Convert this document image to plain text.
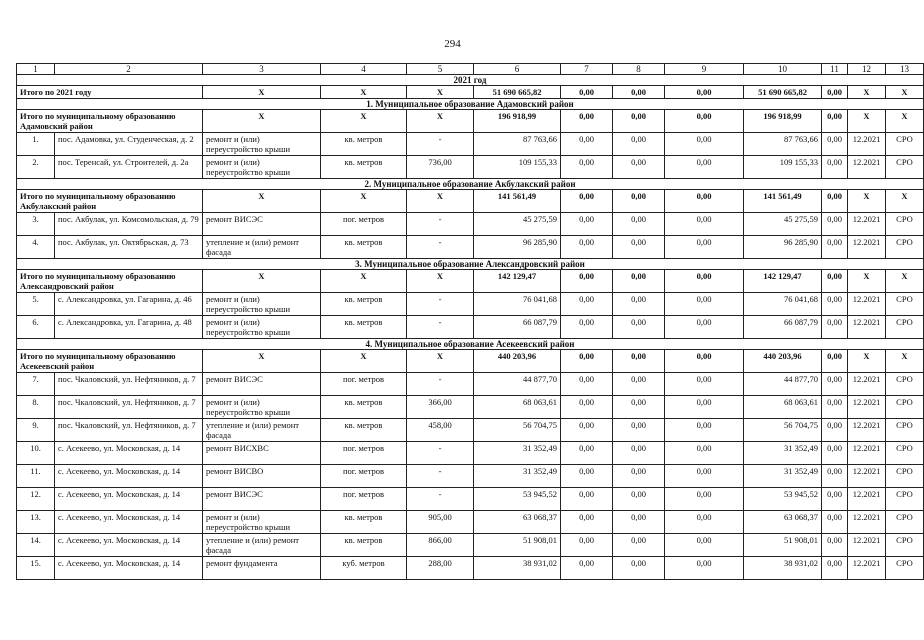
294
1	2	3	4	5	6	7	8	9	10	11	12	13
2021 год												
Итого по 2021 году		X	X	X	51 690 665,82	0,00	0,00	0,00	51 690 665,82	0,00	X	X
1. Муниципальное образование Адамовский район												
Итого по муниципальному образованию Адамовский район		X	X	X	196 918,99	0,00	0,00	0,00	196 918,99	0,00	X	X
1.	пос. Адамовка, ул. Студенческая, д. 2	ремонт и (или) переустройство крыши	кв. метров	-	87 763,66	0,00	0,00	0,00	87 763,66	0,00	12.2021	СРО
2.	пос. Теренсай, ул. Строителей, д. 2а	ремонт и (или) переустройство крыши	кв. метров	736,00	109 155,33	0,00	0,00	0,00	109 155,33	0,00	12.2021	СРО
2. Муниципальное образование Акбулакский район												
Итого по муниципальному образованию Акбулакский район		X	X	X	141 561,49	0,00	0,00	0,00	141 561,49	0,00	X	X
3.	пос. Акбулак, ул. Комсомольская, д. 79	ремонт ВИСЭС	пог. метров	-	45 275,59	0,00	0,00	0,00	45 275,59	0,00	12.2021	СРО
4.	пос. Акбулак, ул. Октябрьская, д. 73	утепление и (или) ремонт фасада	кв. метров	-	96 285,90	0,00	0,00	0,00	96 285,90	0,00	12.2021	СРО
3. Муниципальное образование Александровский район												
Итого по муниципальному образованию Александровский район		X	X	X	142 129,47	0,00	0,00	0,00	142 129,47	0,00	X	X
5.	с. Александровка, ул. Гагарина, д. 46	ремонт и (или) переустройство крыши	кв. метров	-	76 041,68	0,00	0,00	0,00	76 041,68	0,00	12.2021	СРО
6.	с. Александровка, ул. Гагарина, д. 48	ремонт и (или) переустройство крыши	кв. метров	-	66 087,79	0,00	0,00	0,00	66 087,79	0,00	12.2021	СРО
4. Муниципальное образование Асекеевский район												
Итого по муниципальному образованию Асекеевский район		X	X	X	440 203,96	0,00	0,00	0,00	440 203,96	0,00	X	X
7.	пос. Чкаловский, ул. Нефтяников, д. 7	ремонт ВИСЭС	пог. метров	-	44 877,70	0,00	0,00	0,00	44 877,70	0,00	12.2021	СРО
8.	пос. Чкаловский, ул. Нефтяников, д. 7	ремонт и (или) переустройство крыши	кв. метров	366,00	68 063,61	0,00	0,00	0,00	68 063,61	0,00	12.2021	СРО
9.	пос. Чкаловский, ул. Нефтяников, д. 7	утепление и (или) ремонт фасада	кв. метров	458,00	56 704,75	0,00	0,00	0,00	56 704,75	0,00	12.2021	СРО
10.	с. Асекеево, ул. Московская, д. 14	ремонт ВИСХВС	пог. метров	-	31 352,49	0,00	0,00	0,00	31 352,49	0,00	12.2021	СРО
11.	с. Асекеево, ул. Московская, д. 14	ремонт ВИСВО	пог. метров	-	31 352,49	0,00	0,00	0,00	31 352,49	0,00	12.2021	СРО
12.	с. Асекеево, ул. Московская, д. 14	ремонт ВИСЭС	пог. метров	-	53 945,52	0,00	0,00	0,00	53 945,52	0,00	12.2021	СРО
13.	с. Асекеево, ул. Московская, д. 14	ремонт и (или) переустройство крыши	кв. метров	905,00	63 068,37	0,00	0,00	0,00	63 068,37	0,00	12.2021	СРО
14.	с. Асекеево, ул. Московская, д. 14	утепление и (или) ремонт фасада	кв. метров	866,00	51 908,01	0,00	0,00	0,00	51 908,01	0,00	12.2021	СРО
15.	с. Асекеево, ул. Московская, д. 14	ремонт фундамента	куб. метров	288,00	38 931,02	0,00	0,00	0,00	38 931,02	0,00	12.2021	СРО
